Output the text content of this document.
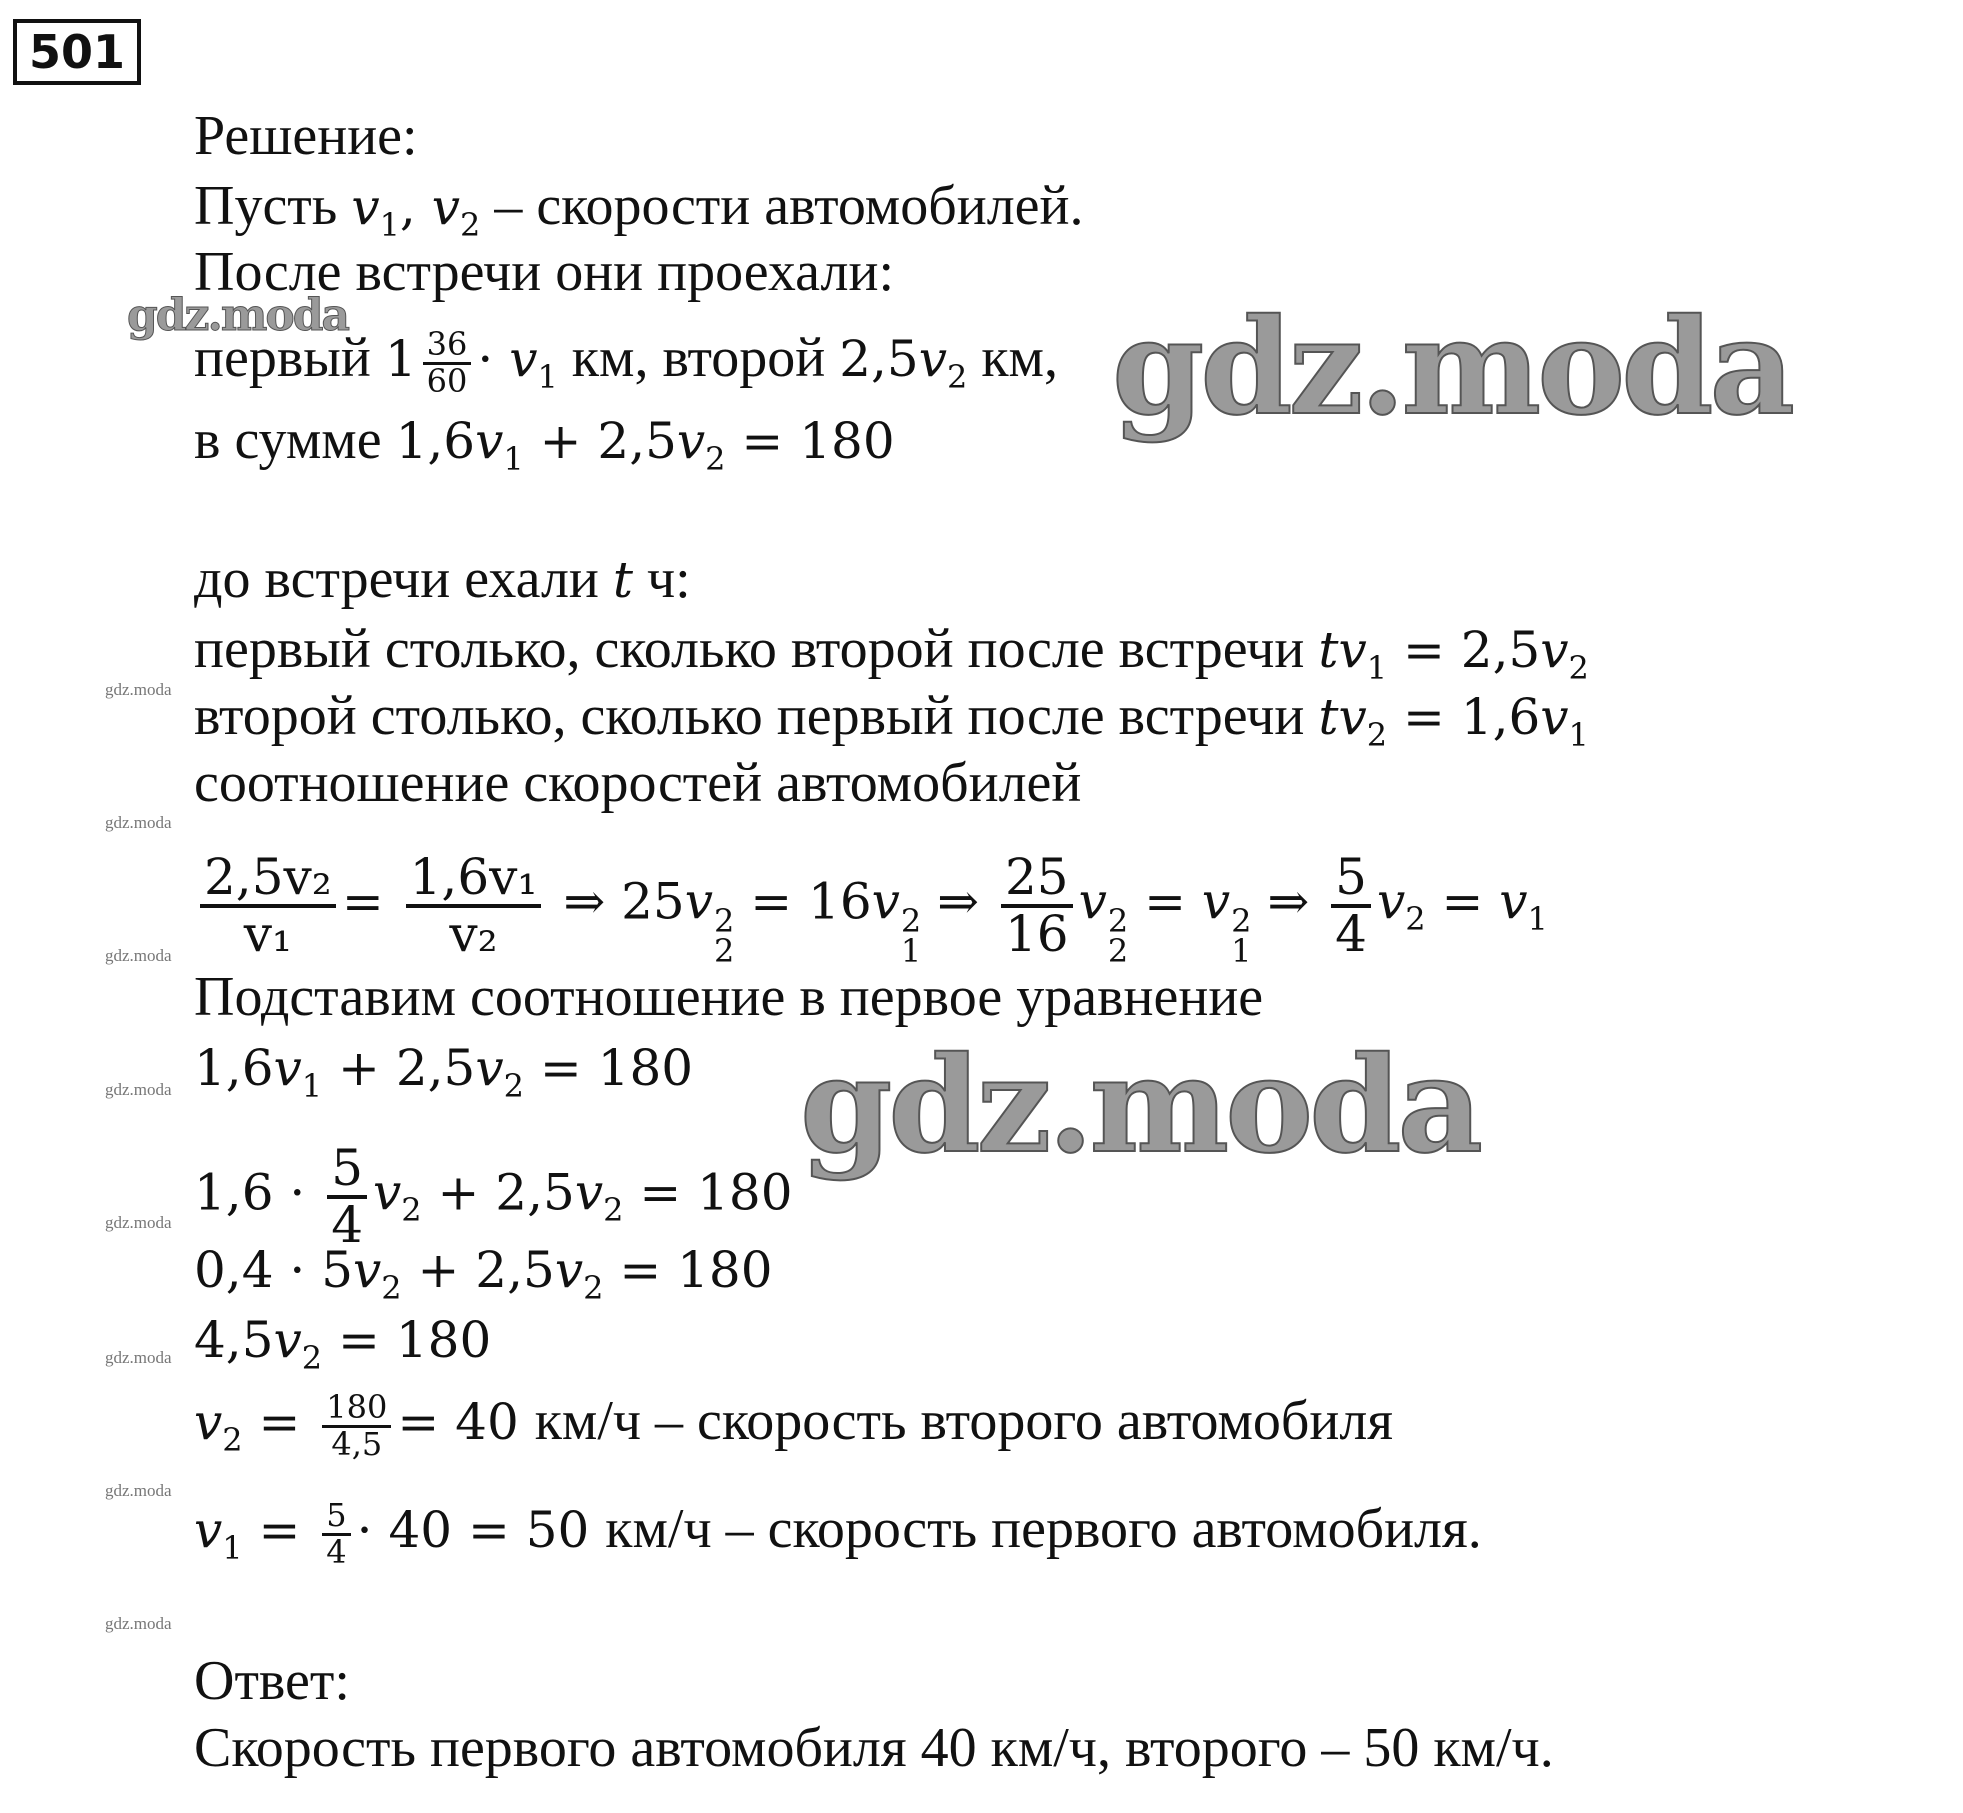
501
gdz.moda	gdz.moda
gdz.moda
gdz.moda
gdz.moda
gdz.moda
gdz.moda
gdz.moda
gdz.moda
gdz.moda
gdz.moda
Решение:
Пусть $v_1$, $v_2$ – скорости автомобилей.
После встречи они проехали:
первый $1 \frac{36}{60} \cdot v_1$ км, второй $2,5v_2$ км,
в сумме $1,6v_1 + 2,5v_2 = 180$
до встречи ехали t ч:
первый столько, сколько второй после встречи $tv_1 = 2,5v_2$
второй столько, сколько первый после встречи $tv_2 = 1,6v_1$
соотношение скоростей автомобилей
$\frac{\text{2,5v₂}}{\text{v₁}} = \frac{\text{1,6v₁}}{\text{v₂}}$ ⇒ 25v 2
2
= 16v 2
1
⇒ $\frac{25}{16}$ v 2
2
= v 2
1
⇒ $\frac{5}{4} v_2 = v_1$
Подставим соотношение в первое уравнение
$1,6v_1 + 2,5v_2 = 180$
$1,6 \cdot \frac{5}{4} v_2 + 2,5v_2 = 180$
$0,4 \cdot 5v_2 + 2,5v_2 = 180$
$4,5v_2 = 180$
$v_2 = \frac{180}{4,5} = 40$ км/ч – скорость второго автомобиля
$v_1 = \frac{5}{4} \cdot 40 = 50$ км/ч – скорость первого автомобиля.
Ответ:
Скорость первого автомобиля 40 км/ч, второго – 50 км/ч.
